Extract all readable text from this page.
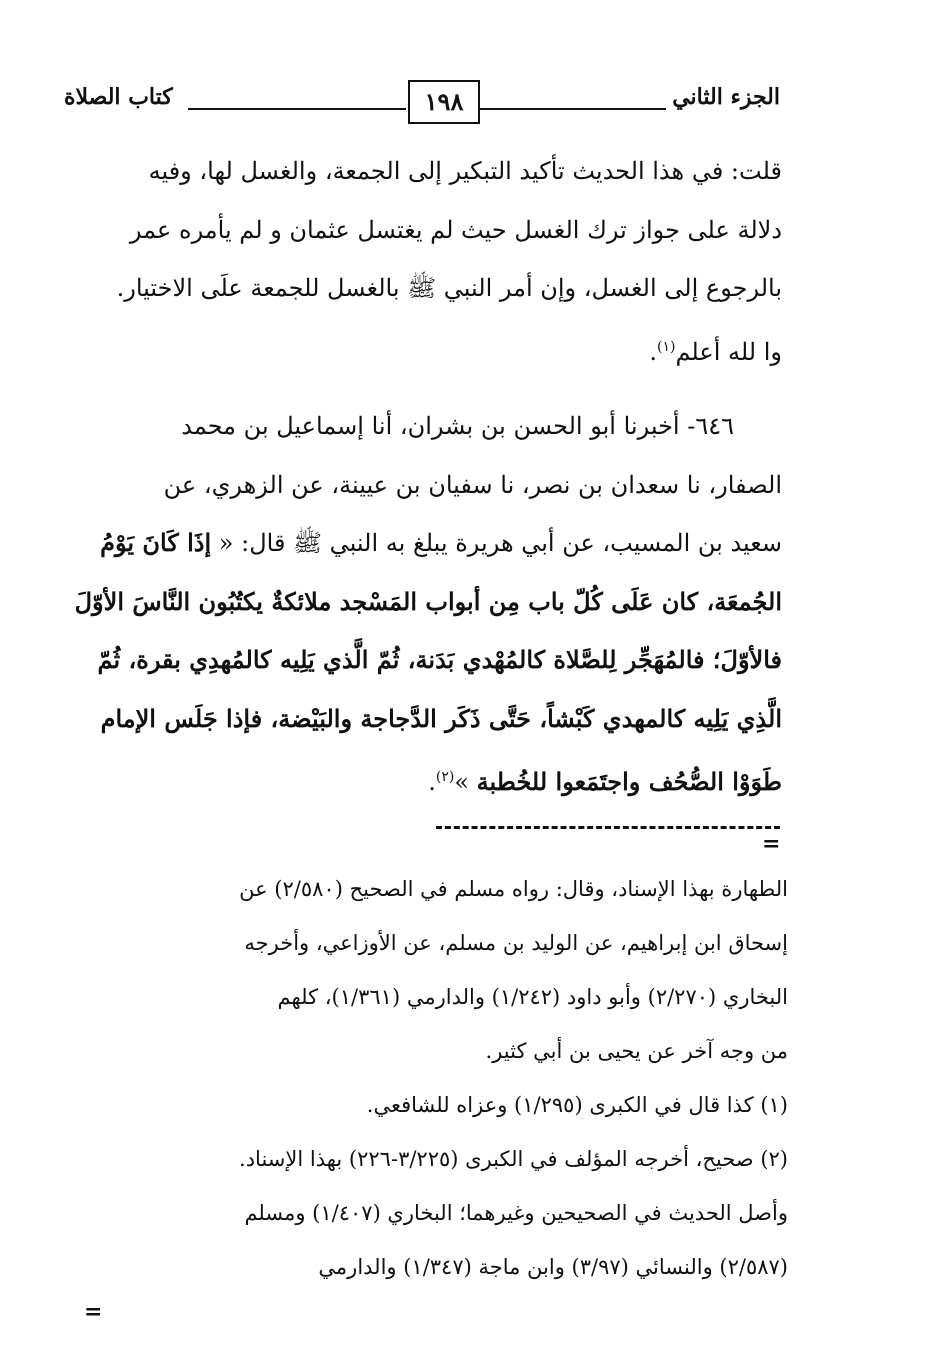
الجزء الثاني
١٩٨
كتاب الصلاة

قلت: في هذا الحديث تأكيد التبكير إلى الجمعة، والغسل لها، وفيه

دلالة على جواز ترك الغسل حيث لم يغتسل عثمان و لم يأمره عمر

بالرجوع إلى الغسل، وإن أمر النبي ﷺ بالغسل للجمعة علَى الاختيار.

وا لله أعلم$^{(١)}$.

٦٤٦- أخبرنا أبو الحسن بن بشران، أنا إسماعيل بن محمد

الصفار، نا سعدان بن نصر، نا سفيان بن عيينة، عن الزهري، عن

سعيد بن المسيب، عن أبي هريرة يبلغ به النبي ﷺ قال: « إذَا كَانَ يَوْمُ

الجُمعَة، كان عَلَى كُلّ باب مِن أبواب المَسْجد ملائكةٌ يكتُبُون النَّاسَ الأوّلَ

فالأوّلَ؛ فالمُهَجِّر لِلصَّلاة كالمُهْدي بَدَنة، ثُمّ الَّذي يَلِيه كالمُهدِي بقرة، ثُمّ

الَّذِي يَلِيه كالمهدي كَبْشاً، حَتَّى ذَكَر الدَّجاجة والبَيْضة، فإذا جَلَس الإمام

طَوَوْا الصُّحُف واجتَمَعوا للخُطبة »$^{(٢)}$.

=

الطهارة بهذا الإسناد، وقال: رواه مسلم في الصحيح (٢/٥٨٠) عن

إسحاق ابن إبراهيم، عن الوليد بن مسلم، عن الأوزاعي، وأخرجه

البخاري (٢/٢٧٠) وأبو داود (١/٢٤٢) والدارمي (١/٣٦١)، كلهم

من وجه آخر عن يحيى بن أبي كثير.

(١) كذا قال في الكبرى (١/٢٩٥) وعزاه للشافعي.

(٢) صحيح، أخرجه المؤلف في الكبرى (٣/٢٢٥-٢٢٦) بهذا الإسناد.

وأصل الحديث في الصحيحين وغيرهما؛ البخاري (١/٤٠٧) ومسلم

(٢/٥٨٧) والنسائي (٣/٩٧) وابن ماجة (١/٣٤٧) والدارمي

=
